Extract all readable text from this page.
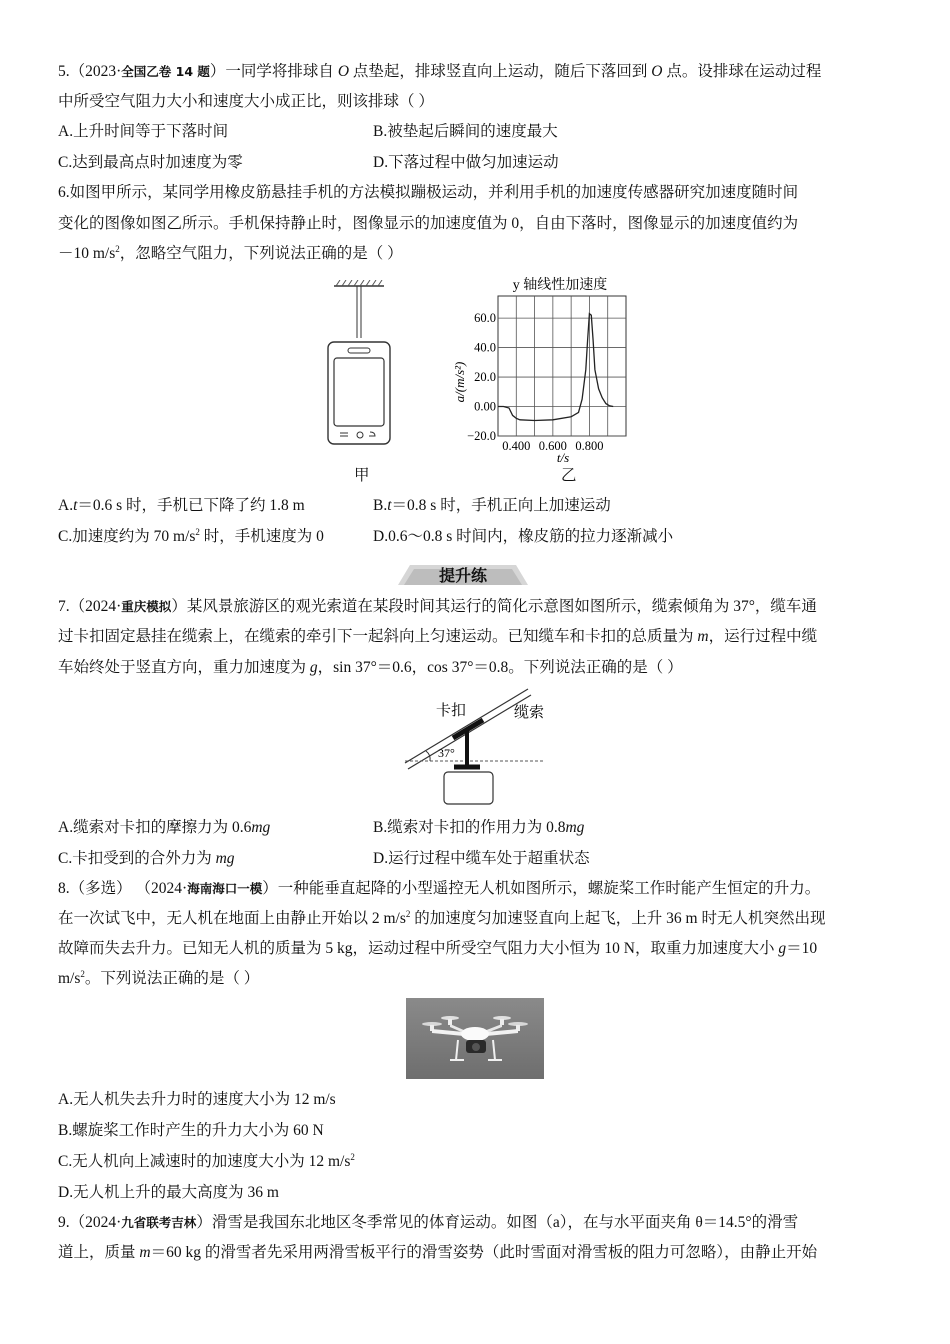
5.（2023·全国乙卷 14 题）一同学将排球自 O 点垫起，排球竖直向上运动，随后下落回到 O 点。设排球在运动过程
中所受空气阻力大小和速度大小成正比，则该排球（ ）
A.上升时间等于下落时间	B.被垫起后瞬间的速度最大
C.达到最高点时加速度为零	D.下落过程中做匀加速运动
6.如图甲所示，某同学用橡皮筋悬挂手机的方法模拟蹦极运动，并利用手机的加速度传感器研究加速度随时间
变化的图像如图乙所示。手机保持静止时，图像显示的加速度值为 0，自由下落时，图像显示的加速度值约为
－10 $m/s^2$，忽略空气阻力，下列说法正确的是（ ）
甲
y 轴线性加速度
60.0
40.0
20.0
0.00
−20.0
0.400 0.600 0.800
a/(m/s²)
t/s
乙
A.t＝0.6 s 时，手机已下降了约 1.8 m	B.t＝0.8 s 时，手机正向上加速运动
C.加速度约为 70 $m/s^2$ 时，手机速度为 0	D.0.6～0.8 s 时间内，橡皮筋的拉力逐渐减小
提升练
7.（2024·重庆模拟）某风景旅游区的观光索道在某段时间其运行的简化示意图如图所示，缆索倾角为 37°，缆车通
过卡扣固定悬挂在缆索上，在缆索的牵引下一起斜向上匀速运动。已知缆车和卡扣的总质量为 m，运行过程中缆
车始终处于竖直方向，重力加速度为 g，sin 37°＝0.6，cos 37°＝0.8。下列说法正确的是（ ）
卡扣	缆索
37°
A.缆索对卡扣的摩擦力为 0.6mg	B.缆索对卡扣的作用力为 0.8mg
C.卡扣受到的合外力为 mg	D.运行过程中缆车处于超重状态
8.（多选） （2024·海南海口一模）一种能垂直起降的小型遥控无人机如图所示，螺旋桨工作时能产生恒定的升力。
在一次试飞中，无人机在地面上由静止开始以 2 $m/s^2$ 的加速度匀加速竖直向上起飞，上升 36 m 时无人机突然出现
故障而失去升力。已知无人机的质量为 5 kg，运动过程中所受空气阻力大小恒为 10 N，取重力加速度大小 g＝10
$m/s^2$。下列说法正确的是（ ）
A.无人机失去升力时的速度大小为 12 m/s
B.螺旋桨工作时产生的升力大小为 60 N
C.无人机向上减速时的加速度大小为 12 $m/s^2$
D.无人机上升的最大高度为 36 m
9.（2024·九省联考吉林）滑雪是我国东北地区冬季常见的体育运动。如图（a），在与水平面夹角 θ＝14.5°的滑雪
道上，质量 m＝60 kg 的滑雪者先采用两滑雪板平行的滑雪姿势（此时雪面对滑雪板的阻力可忽略），由静止开始
